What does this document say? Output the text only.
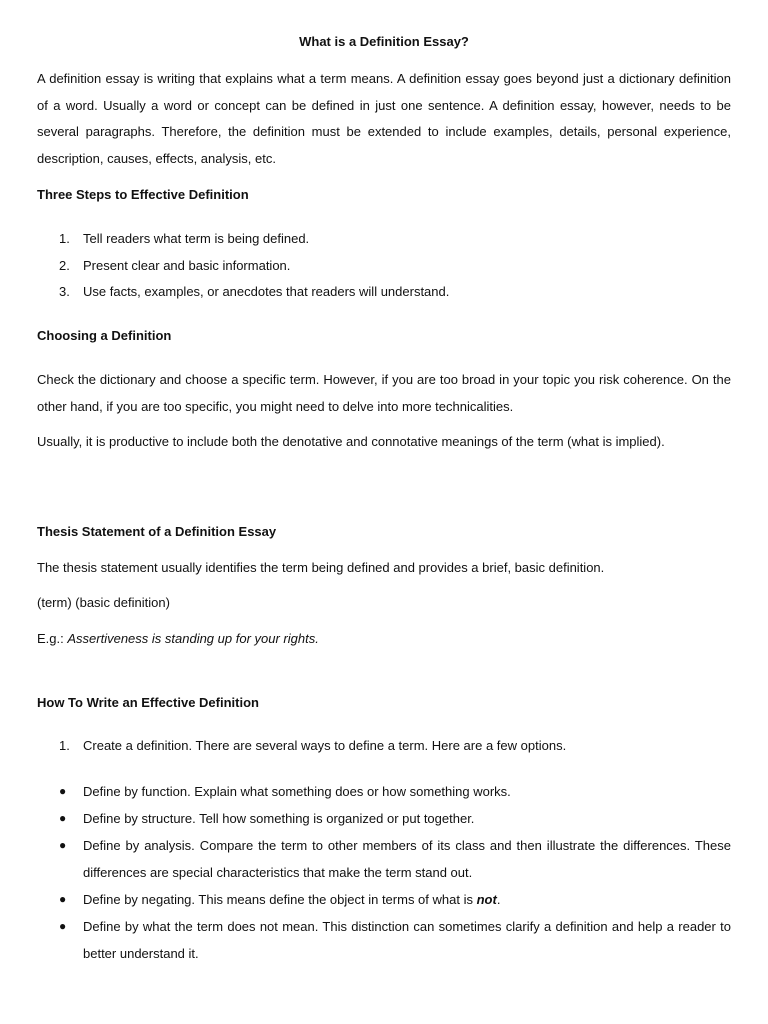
What is a Definition Essay?

A definition essay is writing that explains what a term means. A definition essay goes beyond just a dictionary definition of a word. Usually a word or concept can be defined in just one sentence. A definition essay, however, needs to be several paragraphs. Therefore, the definition must be extended to include examples, details, personal experience, description, causes, effects, analysis, etc.

Three Steps to Effective Definition

1. Tell readers what term is being defined.
2. Present clear and basic information.
3. Use facts, examples, or anecdotes that readers will understand.

Choosing a Definition

Check the dictionary and choose a specific term. However, if you are too broad in your topic you risk coherence. On the other hand, if you are too specific, you might need to delve into more technicalities.

Usually, it is productive to include both the denotative and connotative meanings of the term (what is implied).

Thesis Statement of a Definition Essay

The thesis statement usually identifies the term being defined and provides a brief, basic definition.

(term) (basic definition)

E.g.: Assertiveness is standing up for your rights.

How To Write an Effective Definition

1. Create a definition. There are several ways to define a term. Here are a few options.
● Define by function. Explain what something does or how something works.
● Define by structure. Tell how something is organized or put together.
● Define by analysis. Compare the term to other members of its class and then illustrate the differences. These differences are special characteristics that make the term stand out.
● Define by negating. This means define the object in terms of what is not.
● Define by what the term does not mean. This distinction can sometimes clarify a definition and help a reader to better understand it.
